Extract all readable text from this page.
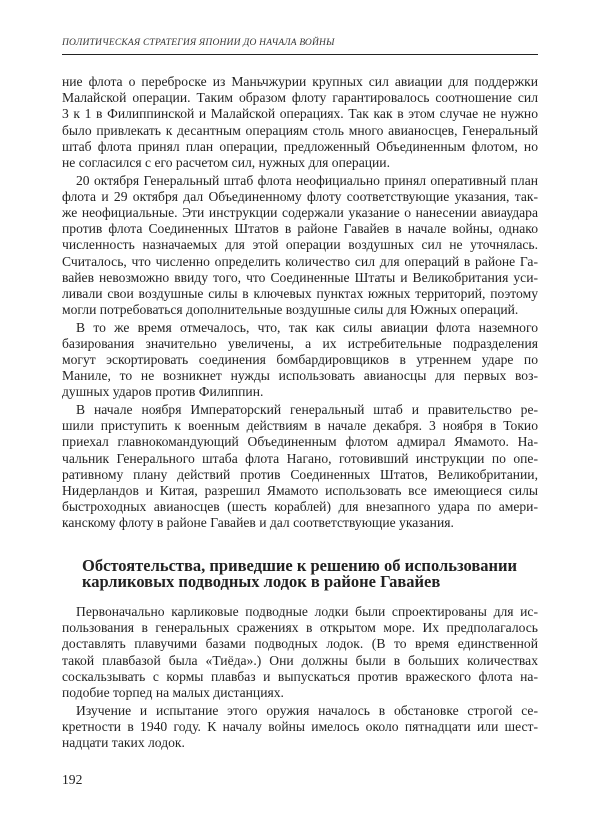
ПОЛИТИЧЕСКАЯ СТРАТЕГИЯ ЯПОНИИ ДО НАЧАЛА ВОЙНЫ
ние флота о переброске из Маньчжурии крупных сил авиации для поддержки
Малайской операции. Таким образом флоту гарантировалось соотношение сил
3 к 1 в Филиппинской и Малайской операциях. Так как в этом случае не нужно
было привлекать к десантным операциям столь много авианосцев, Генеральный
штаб флота принял план операции, предложенный Объединенным флотом, но
не согласился с его расчетом сил, нужных для операции.
20 октября Генеральный штаб флота неофициально принял оперативный план
флота и 29 октября дал Объединенному флоту соответствующие указания, так-
же неофициальные. Эти инструкции содержали указание о нанесении авиаудара
против флота Соединенных Штатов в районе Гавайев в начале войны, однако
численность назначаемых для этой операции воздушных сил не уточнялась.
Считалось, что численно определить количество сил для операций в районе Га-
вайев невозможно ввиду того, что Соединенные Штаты и Великобритания уси-
ливали свои воздушные силы в ключевых пунктах южных территорий, поэтому
могли потребоваться дополнительные воздушные силы для Южных операций.
В то же время отмечалось, что, так как силы авиации флота наземного
базирования значительно увеличены, а их истребительные подразделения
могут эскортировать соединения бомбардировщиков в утреннем ударе по
Маниле, то не возникнет нужды использовать авианосцы для первых воз-
душных ударов против Филиппин.
В начале ноября Императорский генеральный штаб и правительство ре-
шили приступить к военным действиям в начале декабря. 3 ноября в Токио
приехал главнокомандующий Объединенным флотом адмирал Ямамото. На-
чальник Генерального штаба флота Нагано, готовивший инструкции по опе-
ративному плану действий против Соединенных Штатов, Великобритании,
Нидерландов и Китая, разрешил Ямамото использовать все имеющиеся силы
быстроходных авианосцев (шесть кораблей) для внезапного удара по амери-
канскому флоту в районе Гавайев и дал соответствующие указания.
Обстоятельства, приведшие к решению об использовании
карликовых подводных лодок в районе Гавайев
Первоначально карликовые подводные лодки были спроектированы для ис-
пользования в генеральных сражениях в открытом море. Их предполагалось
доставлять плавучими базами подводных лодок. (В то время единственной
такой плавбазой была «Тиёда».) Они должны были в больших количествах
соскальзывать с кормы плавбаз и выпускаться против вражеского флота на-
подобие торпед на малых дистанциях.
Изучение и испытание этого оружия началось в обстановке строгой се-
кретности в 1940 году. К началу войны имелось около пятнадцати или шест-
надцати таких лодок.
192
